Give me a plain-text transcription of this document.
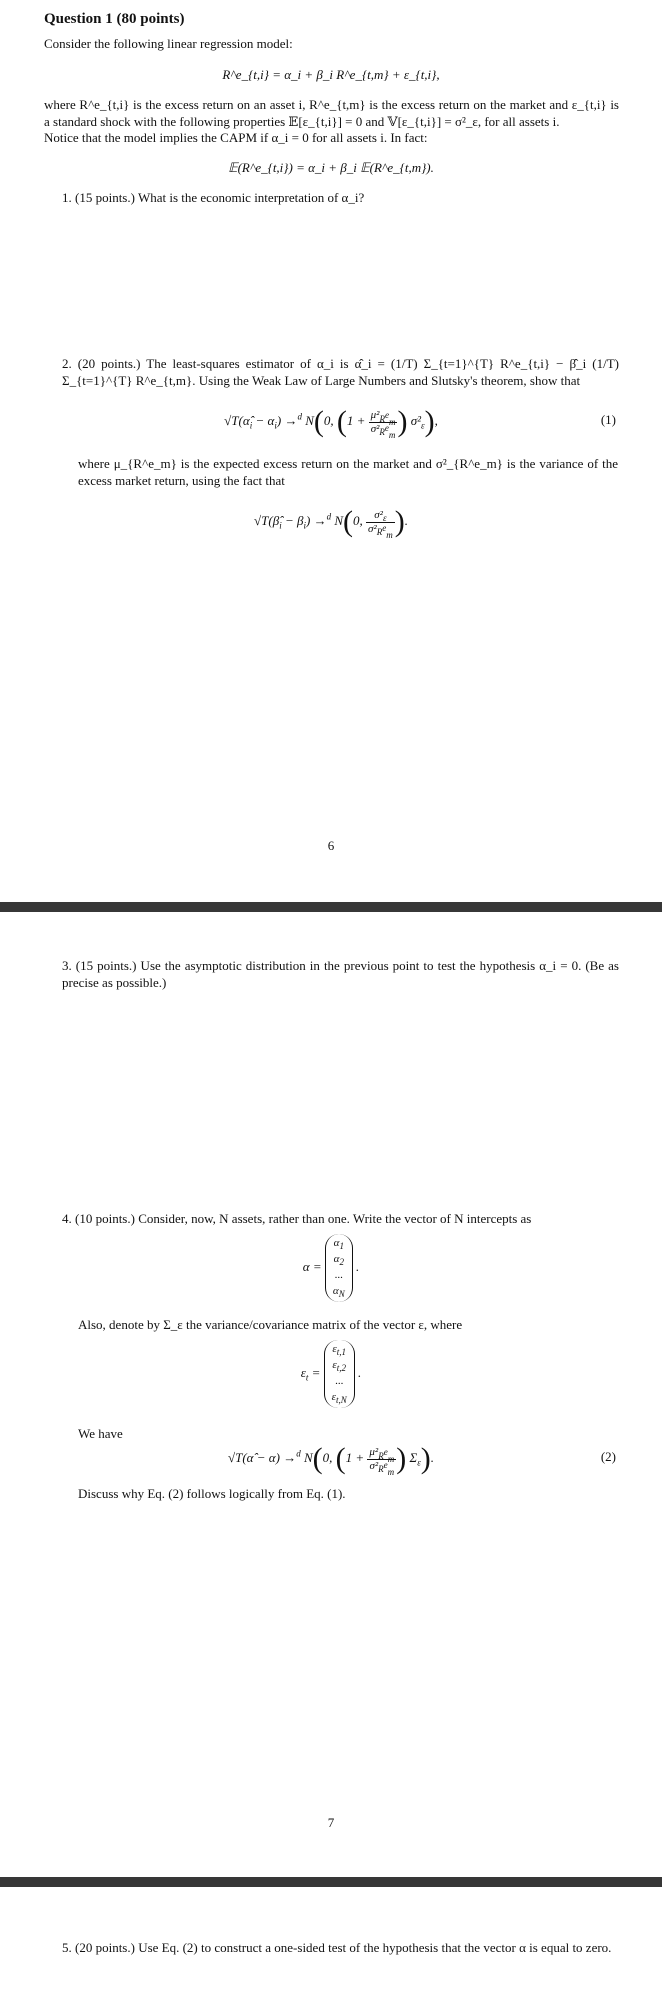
Question 1 (80 points)
Consider the following linear regression model:
R^e_{t,i} = α_i + β_i R^e_{t,m} + ε_{t,i},
where R^e_{t,i} is the excess return on an asset i, R^e_{t,m} is the excess return on the market and ε_{t,i} is a standard shock with the following properties 𝔼[ε_{t,i}] = 0 and 𝕍[ε_{t,i}] = σ²_ε, for all assets i.
Notice that the model implies the CAPM if α_i = 0 for all assets i. In fact:
𝔼(R^e_{t,i}) = α_i + β_i 𝔼(R^e_{t,m}).
1. (15 points.) What is the economic interpretation of α_i?
2. (20 points.) The least-squares estimator of α_i is α̂_i = (1/T) Σ_{t=1}^{T} R^e_{t,i} − β̂_i (1/T) Σ_{t=1}^{T} R^e_{t,m}. Using the Weak Law of Large Numbers and Slutsky's theorem, show that
$√T(\alphâ_i - \alpha_i) \to^d$ N(0, ($1 + \frac{\mu^2_{R^e_m}}{\sigma^2_{R^e_m}}$ ) $\sigma^2_\varepsilon$),	(1)
where μ_{R^e_m} is the expected excess return on the market and σ²_{R^e_m} is the variance of the excess market return, using the fact that
$√T(\betâ_i - \beta_i) \to^d$ N(0, $\frac{\sigma^2_\varepsilon}{\sigma^2_{R^e_m}}$ ).
6
3. (15 points.) Use the asymptotic distribution in the previous point to test the hypothesis α_i = 0. (Be as precise as possible.)
4. (10 points.) Consider, now, N assets, rather than one. Write the vector of N intercepts as
$\alpha = \alpha_1$
$\alpha_2$
...
$\alpha_N$ .
Also, denote by Σ_ε the variance/covariance matrix of the vector ε, where
$\varepsilon_t = \varepsilon_{t,1}$
$\varepsilon_{t,2}$
...
$\varepsilon_{t,N}$ .
We have
√T(α̂ − α) →$^d$ N(0, ($1 + \frac{\mu^2_{R^e_m}}{\sigma^2_{R^e_m}}$ ) $\Sigma_\varepsilon$).	(2)
Discuss why Eq. (2) follows logically from Eq. (1).
7
5. (20 points.) Use Eq. (2) to construct a one-sided test of the hypothesis that the vector α is equal to zero.
